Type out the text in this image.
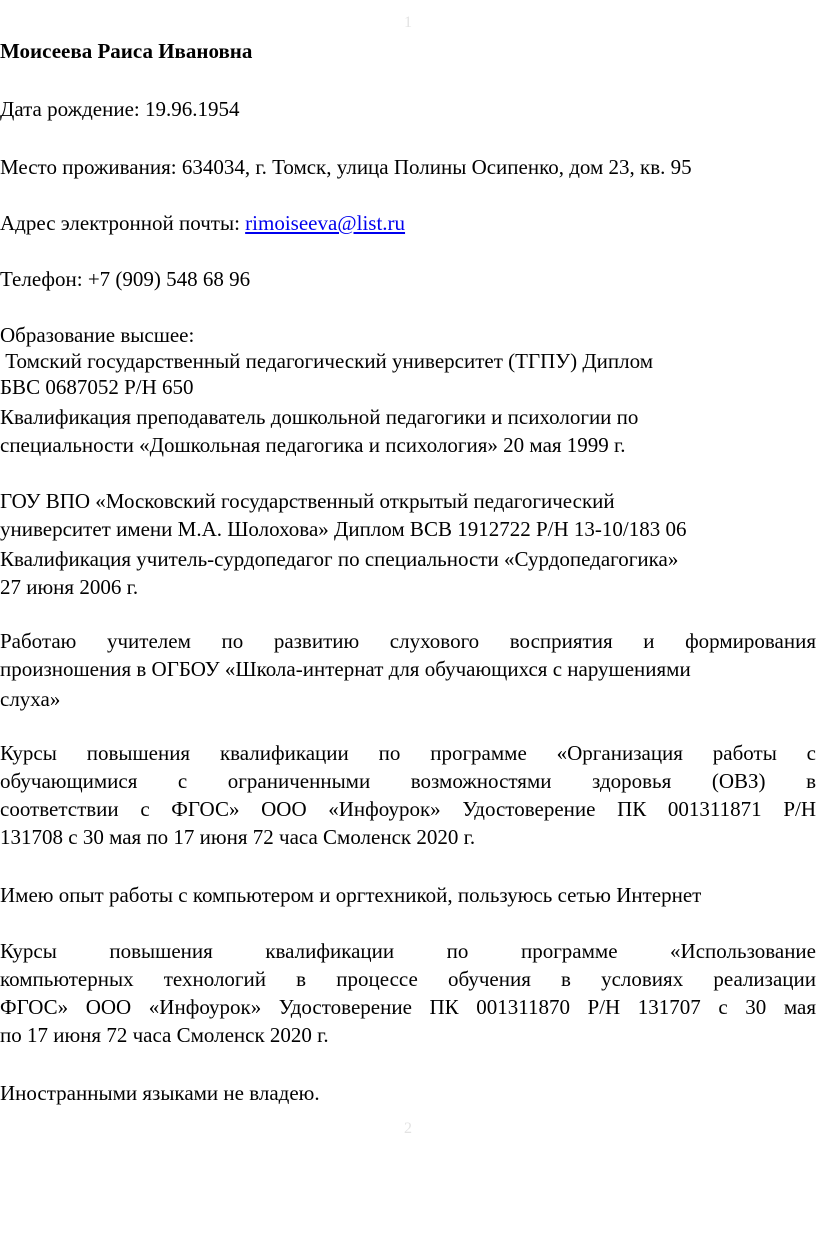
1
Моисеева Раиса Ивановна
Дата рождение: 19.96.1954
Место проживания: 634034, г. Томск, улица Полины Осипенко, дом 23, кв. 95
Адрес электронной почты: rimoiseeva@list.ru
Телефон: +7 (909) 548 68 96
Образование высшее:
Томский государственный педагогический университет (ТГПУ) Диплом
БВС 0687052 Р/Н 650
Квалификация преподаватель дошкольной педагогики и психологии по
специальности «Дошкольная педагогика и психология» 20 мая 1999 г.
ГОУ ВПО «Московский государственный открытый педагогический
университет имени М.А. Шолохова» Диплом ВСВ 1912722 Р/Н 13-10/183 06
Квалификация учитель-сурдопедагог по специальности «Сурдопедагогика»
27 июня 2006 г.
Работаю учителем по развитию слухового восприятия и формирования
произношения в ОГБОУ «Школа-интернат для обучающихся с нарушениями
слуха»
Курсы повышения квалификации по программе «Организация работы с
обучающимися с ограниченными возможностями здоровья (ОВЗ) в
соответствии с ФГОС» ООО «Инфоурок» Удостоверение ПК 001311871 Р/Н
131708 с 30 мая по 17 июня 72 часа Смоленск 2020 г.
Имею опыт работы с компьютером и оргтехникой, пользуюсь сетью Интернет
Курсы повышения квалификации по программе «Использование
компьютерных технологий в процессе обучения в условиях реализации
ФГОС» ООО «Инфоурок» Удостоверение ПК 001311870 Р/Н 131707 с 30 мая
по 17 июня 72 часа Смоленск 2020 г.
Иностранными языками не владею.
2
